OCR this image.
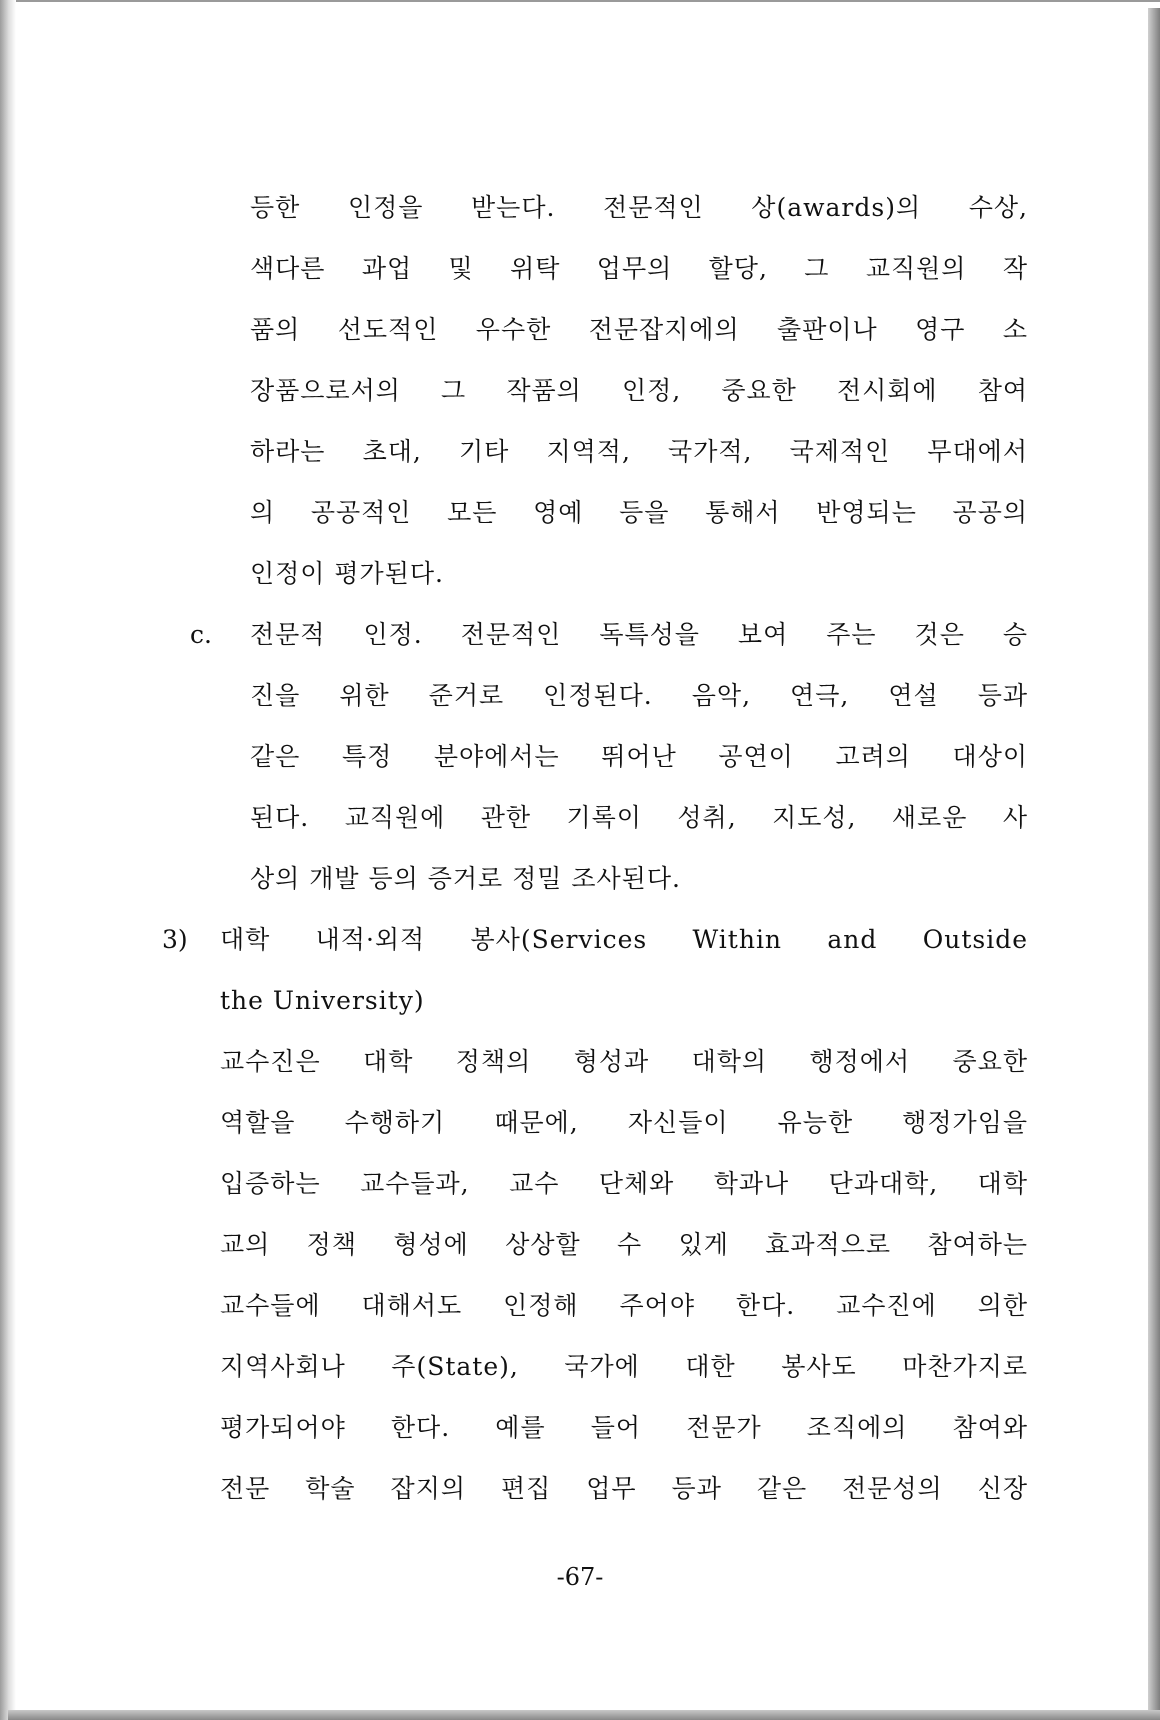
등한 인정을 받는다. 전문적인 상(awards)의 수상,
색다른 과업 및 위탁 업무의 할당, 그 교직원의 작
품의 선도적인 우수한 전문잡지에의 출판이나 영구 소
장품으로서의 그 작품의 인정, 중요한 전시회에 참여
하라는 초대, 기타 지역적, 국가적, 국제적인 무대에서
의 공공적인 모든 영예 등을 통해서 반영되는 공공의
인정이 평가된다.
c. 전문적 인정. 전문적인 독특성을 보여 주는 것은 승
진을 위한 준거로 인정된다. 음악, 연극, 연설 등과
같은 특정 분야에서는 뛰어난 공연이 고려의 대상이
된다. 교직원에 관한 기록이 성취, 지도성, 새로운 사
상의 개발 등의 증거로 정밀 조사된다.
3) 대학 내적·외적 봉사(Services Within and Outside
the University)
교수진은 대학 정책의 형성과 대학의 행정에서 중요한
역할을 수행하기 때문에, 자신들이 유능한 행정가임을
입증하는 교수들과, 교수 단체와 학과나 단과대학, 대학
교의 정책 형성에 상상할 수 있게 효과적으로 참여하는
교수들에 대해서도 인정해 주어야 한다. 교수진에 의한
지역사회나 주(State), 국가에 대한 봉사도 마찬가지로
평가되어야 한다. 예를 들어 전문가 조직에의 참여와
전문 학술 잡지의 편집 업무 등과 같은 전문성의 신장
-67-
